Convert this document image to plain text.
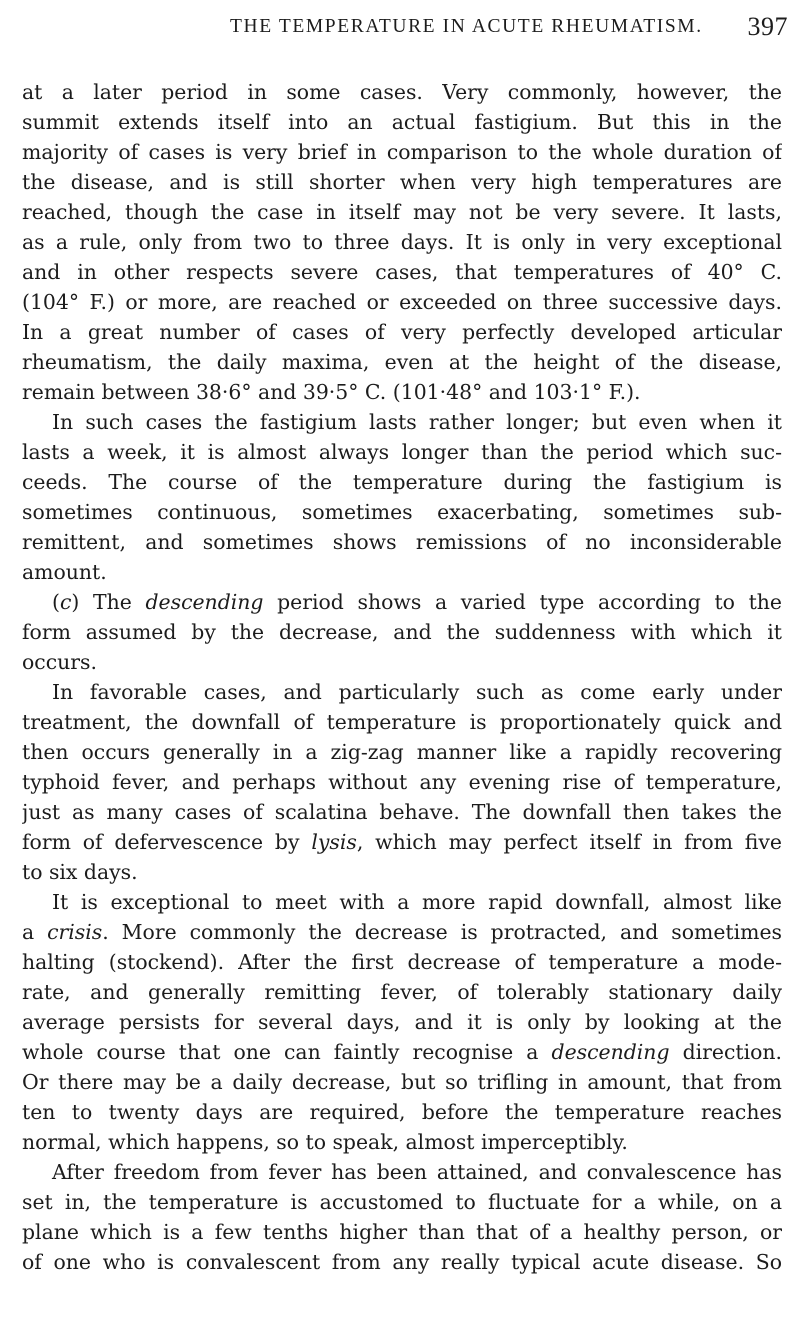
THE TEMPERATURE IN ACUTE RHEUMATISM. 397
at a later period in some cases. Very commonly, however, the
summit extends itself into an actual fastigium. But this in the
majority of cases is very brief in comparison to the whole duration of
the disease, and is still shorter when very high temperatures are
reached, though the case in itself may not be very severe. It lasts,
as a rule, only from two to three days. It is only in very exceptional
and in other respects severe cases, that temperatures of 40° C.
(104° F.) or more, are reached or exceeded on three successive days.
In a great number of cases of very perfectly developed articular
rheumatism, the daily maxima, even at the height of the disease,
remain between 38·6° and 39·5° C. (101·48° and 103·1° F.).
In such cases the fastigium lasts rather longer; but even when it
lasts a week, it is almost always longer than the period which suc-
ceeds. The course of the temperature during the fastigium is
sometimes continuous, sometimes exacerbating, sometimes sub-
remittent, and sometimes shows remissions of no inconsiderable
amount.
(c) The descending period shows a varied type according to the
form assumed by the decrease, and the suddenness with which it
occurs.
In favorable cases, and particularly such as come early under
treatment, the downfall of temperature is proportionately quick and
then occurs generally in a zig-zag manner like a rapidly recovering
typhoid fever, and perhaps without any evening rise of temperature,
just as many cases of scalatina behave. The downfall then takes the
form of defervescence by lysis, which may perfect itself in from five
to six days.
It is exceptional to meet with a more rapid downfall, almost like
a crisis. More commonly the decrease is protracted, and sometimes
halting (stockend). After the first decrease of temperature a mode-
rate, and generally remitting fever, of tolerably stationary daily
average persists for several days, and it is only by looking at the
whole course that one can faintly recognise a descending direction.
Or there may be a daily decrease, but so trifling in amount, that from
ten to twenty days are required, before the temperature reaches
normal, which happens, so to speak, almost imperceptibly.
After freedom from fever has been attained, and convalescence has
set in, the temperature is accustomed to fluctuate for a while, on a
plane which is a few tenths higher than that of a healthy person, or
of one who is convalescent from any really typical acute disease. So
